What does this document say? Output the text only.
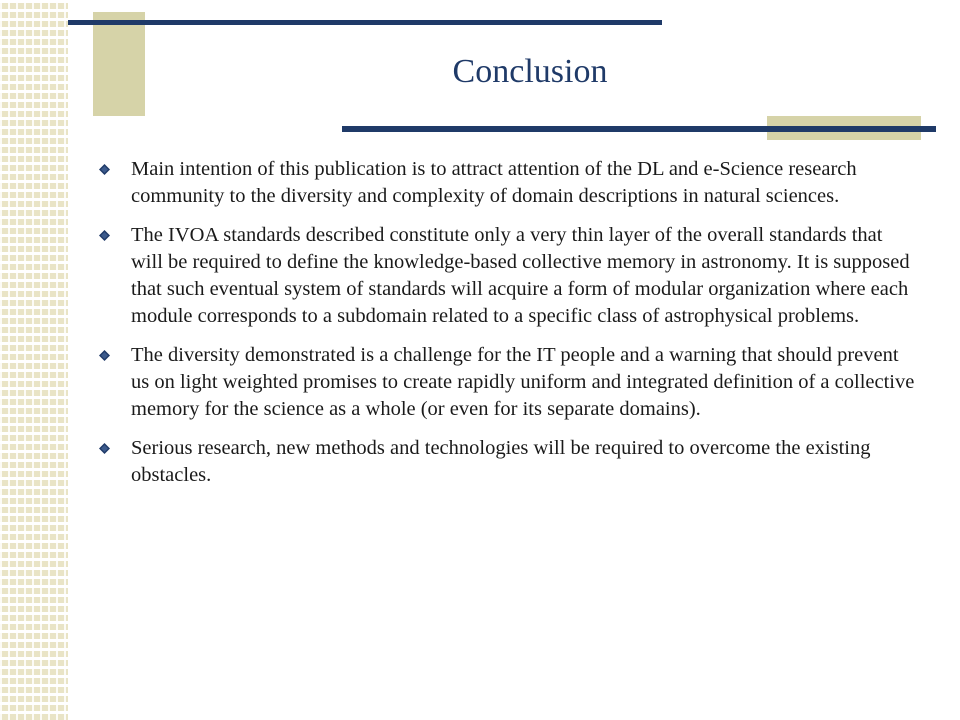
Conclusion
Main intention of this publication is to attract attention of the DL and e-Science research community to the diversity and complexity of domain descriptions in natural sciences.
The IVOA standards described constitute only a very thin layer of the overall standards that will be required to define the knowledge-based collective memory in astronomy. It is supposed that such eventual system of standards will acquire a form of modular organization where each module corresponds to a subdomain related to a specific class of astrophysical problems.
The diversity demonstrated is a challenge for the IT people and a warning that should prevent us on light weighted promises to create rapidly uniform and integrated definition of a collective memory for the science as a whole (or even for its separate domains).
Serious research, new methods and technologies will be required to overcome the existing obstacles.
